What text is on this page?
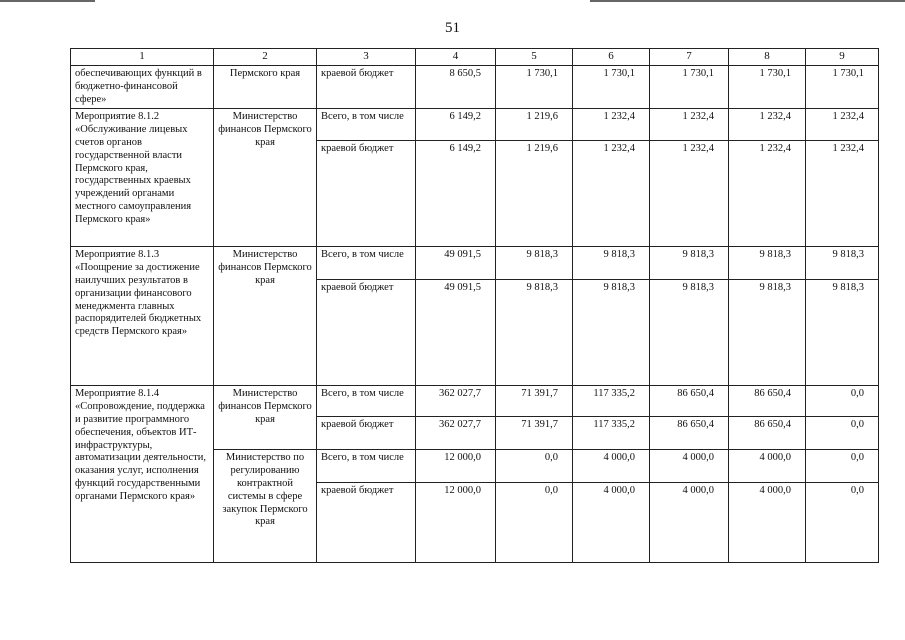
51
1	2	3	4	5	6	7	8	9
обеспечивающих функций в бюджетно-финансовой сфере»	Пермского края	краевой бюджет	8 650,5	1 730,1	1 730,1	1 730,1	1 730,1	1 730,1
Мероприятие 8.1.2 «Обслуживание лицевых счетов органов государственной власти Пермского края, государственных краевых учреждений органами местного самоуправления Пермского края»	Министерство финансов Пермского края	Всего, в том числе	6 149,2	1 219,6	1 232,4	1 232,4	1 232,4	1 232,4
		краевой бюджет	6 149,2	1 219,6	1 232,4	1 232,4	1 232,4	1 232,4
Мероприятие 8.1.3 «Поощрение за достижение наилучших результатов в организации финансового менеджмента главных распорядителей бюджетных средств Пермского края»	Министерство финансов Пермского края	Всего, в том числе	49 091,5	9 818,3	9 818,3	9 818,3	9 818,3	9 818,3
		краевой бюджет	49 091,5	9 818,3	9 818,3	9 818,3	9 818,3	9 818,3
Мероприятие 8.1.4 «Сопровождение, поддержка и развитие программного обеспечения, объектов ИТ-инфраструктуры, автоматизации деятельности, оказания услуг, исполнения функций государственными органами Пермского края»	Министерство финансов Пермского края	Всего, в том числе	362 027,7	71 391,7	117 335,2	86 650,4	86 650,4	0,0
		краевой бюджет	362 027,7	71 391,7	117 335,2	86 650,4	86 650,4	0,0
	Министерство по регулированию контрактной системы в сфере закупок Пермского края	Всего, в том числе	12 000,0	0,0	4 000,0	4 000,0	4 000,0	0,0
		краевой бюджет	12 000,0	0,0	4 000,0	4 000,0	4 000,0	0,0
